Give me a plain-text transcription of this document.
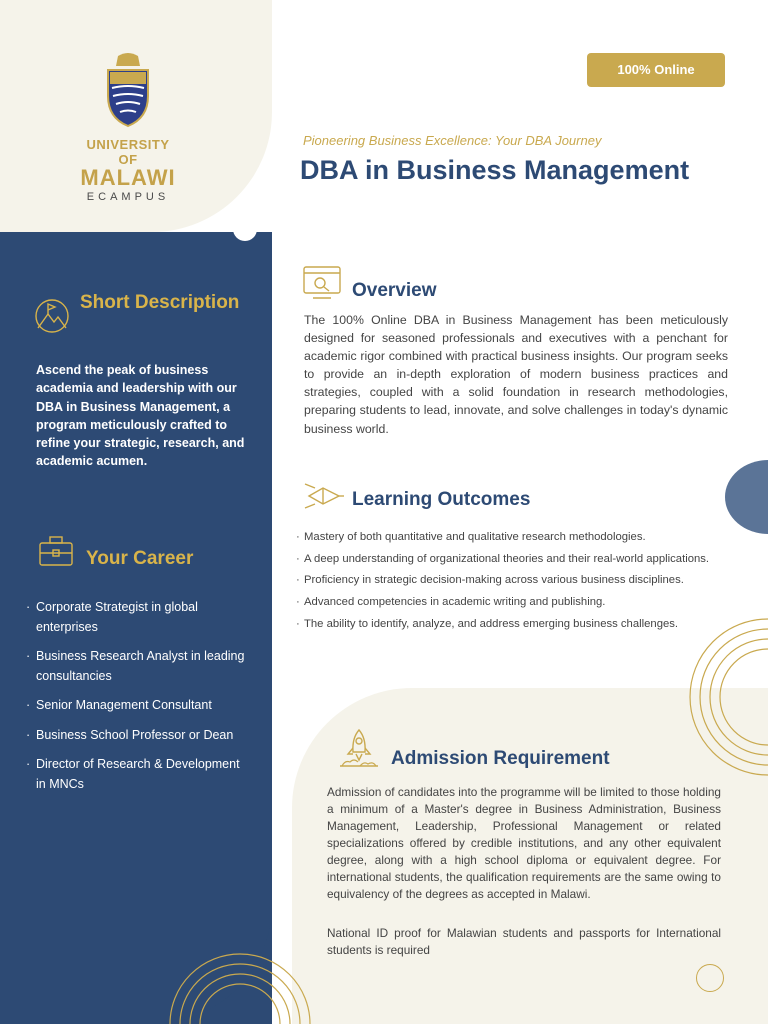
UNIVERSITY OF
MALAWI
ECAMPUS
Short Description

Ascend the peak of business academia and leadership with our DBA in Business Management, a program meticulously crafted to refine your strategic, research, and academic acumen.

Your Career
· Corporate Strategist in global enterprises
· Business Research Analyst in leading consultancies
· Senior Management Consultant
· Business School Professor or Dean
· Director of Research & Development in MNCs
100% Online
Pioneering Business Excellence: Your DBA Journey
DBA in Business Management
Overview

The 100% Online DBA in Business Management has been meticulously designed for seasoned professionals and executives with a penchant for academic rigor combined with practical business insights. Our program seeks to provide an in-depth exploration of modern business practices and strategies, coupled with a solid foundation in research methodologies, preparing students to lead, innovate, and solve challenges in today's dynamic business world.

Learning Outcomes
· Mastery of both quantitative and qualitative research methodologies.
· A deep understanding of organizational theories and their real-world applications.
· Proficiency in strategic decision-making across various business disciplines.
· Advanced competencies in academic writing and publishing.
· The ability to identify, analyze, and address emerging business challenges.
Admission Requirement

Admission of candidates into the programme will be limited to those holding a minimum of a Master's degree in Business Administration, Business Management, Leadership, Professional Management or related specializations offered by credible institutions, and any other equivalent degree, along with a high school diploma or equivalent degree. For international students, the qualification requirements are the same owing to equivalency of the degrees as accepted in Malawi.

National ID proof for Malawian students and passports for International students is required
